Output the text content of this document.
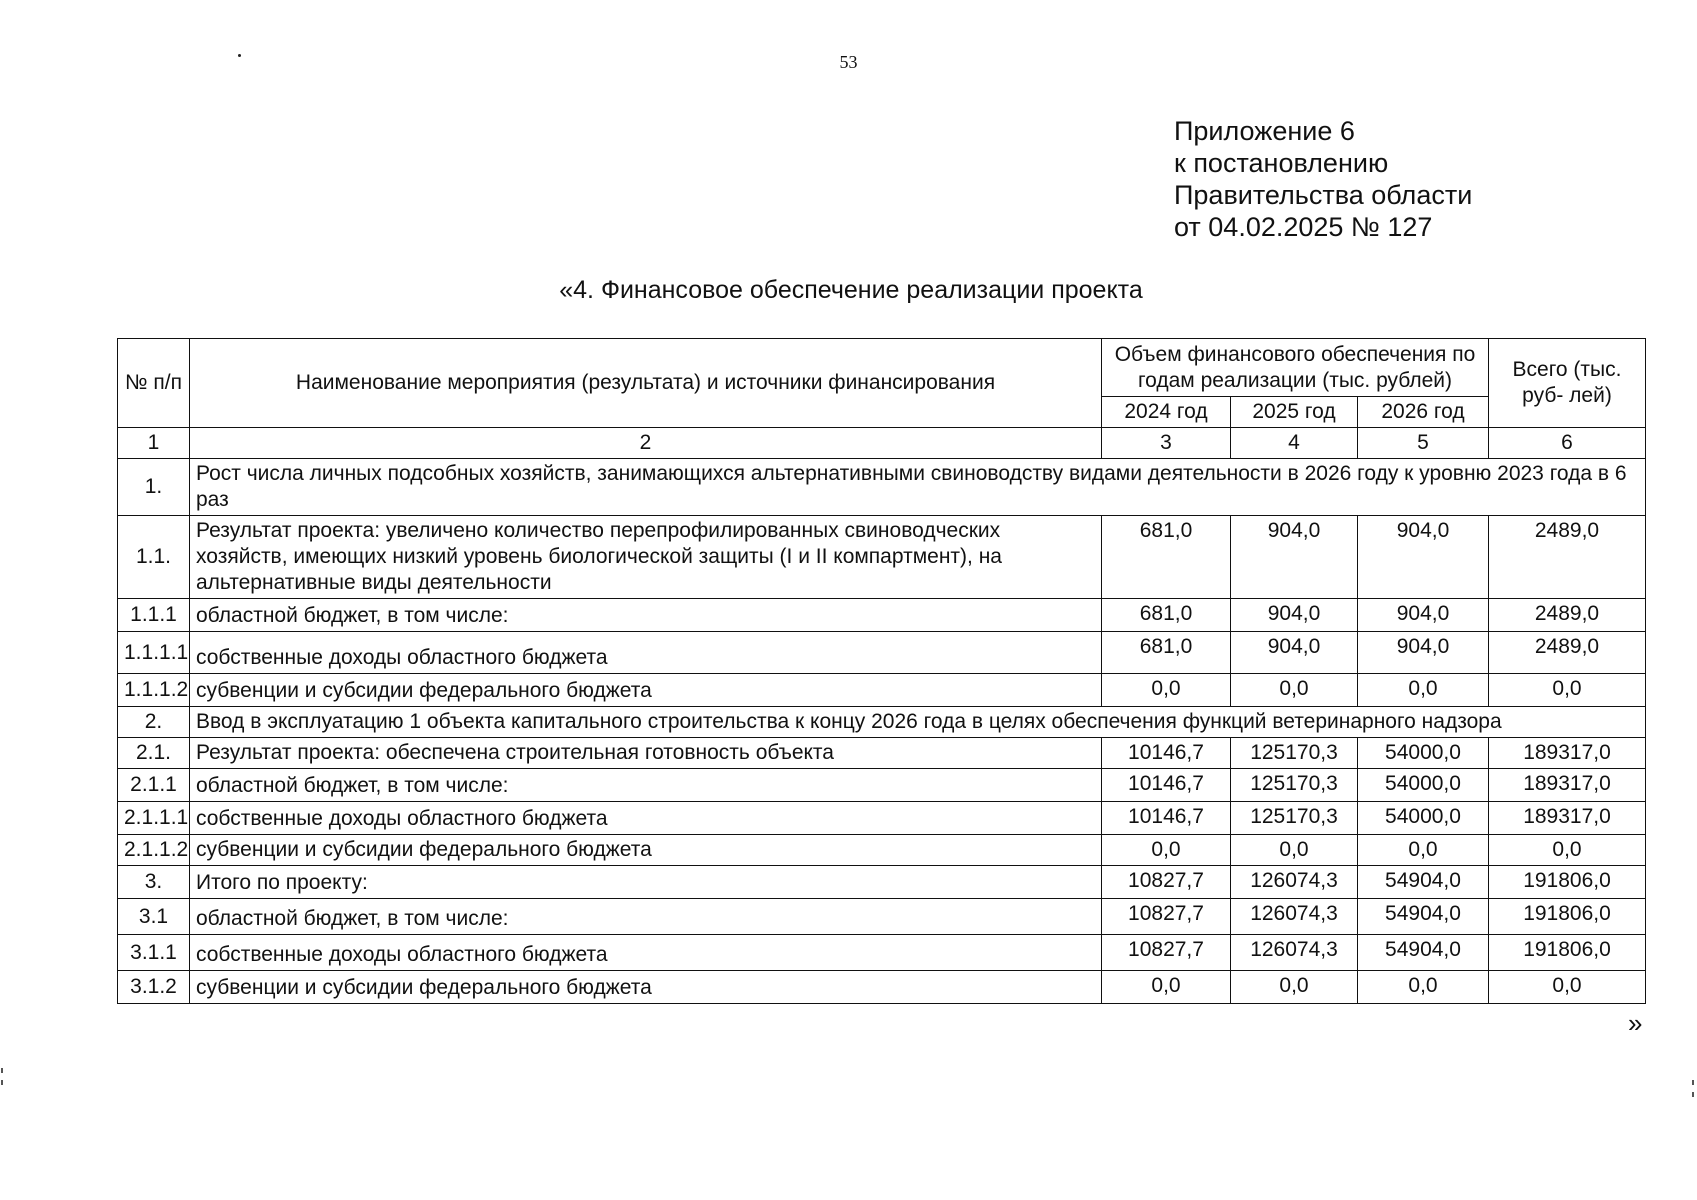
53
Приложение 6
к постановлению
Правительства области
от 04.02.2025 № 127
«4. Финансовое обеспечение реализации проекта
№ п/п	Наименование мероприятия (результата) и источники финансирования	Объем финансового обеспечения по годам реализации (тыс. рублей)			Всего (тыс. руб- лей)
		2024 год	2025 год	2026 год	
1	2	3	4	5	6
1.	Рост числа личных подсобных хозяйств, занимающихся альтернативными свиноводству видами деятельности в 2026 году к уровню 2023 года в 6 раз				
1.1.	Результат проекта: увеличено количество перепрофилированных свиноводческих хозяйств, имеющих низкий уровень биологической защиты (I и II компартмент), на альтернативные виды деятельности	681,0	904,0	904,0	2489,0
1.1.1	областной бюджет, в том числе:	681,0	904,0	904,0	2489,0
1.1.1.1	собственные доходы областного бюджета	681,0	904,0	904,0	2489,0
1.1.1.2	субвенции и субсидии федерального бюджета	0,0	0,0	0,0	0,0
2.	Ввод в эксплуатацию 1 объекта капитального строительства к концу 2026 года в целях обеспечения функций ветеринарного надзора				
2.1.	Результат проекта: обеспечена строительная готовность объекта	10146,7	125170,3	54000,0	189317,0
2.1.1	областной бюджет, в том числе:	10146,7	125170,3	54000,0	189317,0
2.1.1.1	собственные доходы областного бюджета	10146,7	125170,3	54000,0	189317,0
2.1.1.2	субвенции и субсидии федерального бюджета	0,0	0,0	0,0	0,0
3.	Итого по проекту:	10827,7	126074,3	54904,0	191806,0
3.1	областной бюджет, в том числе:	10827,7	126074,3	54904,0	191806,0
3.1.1	собственные доходы областного бюджета	10827,7	126074,3	54904,0	191806,0
3.1.2	субвенции и субсидии федерального бюджета	0,0	0,0	0,0	0,0
»
